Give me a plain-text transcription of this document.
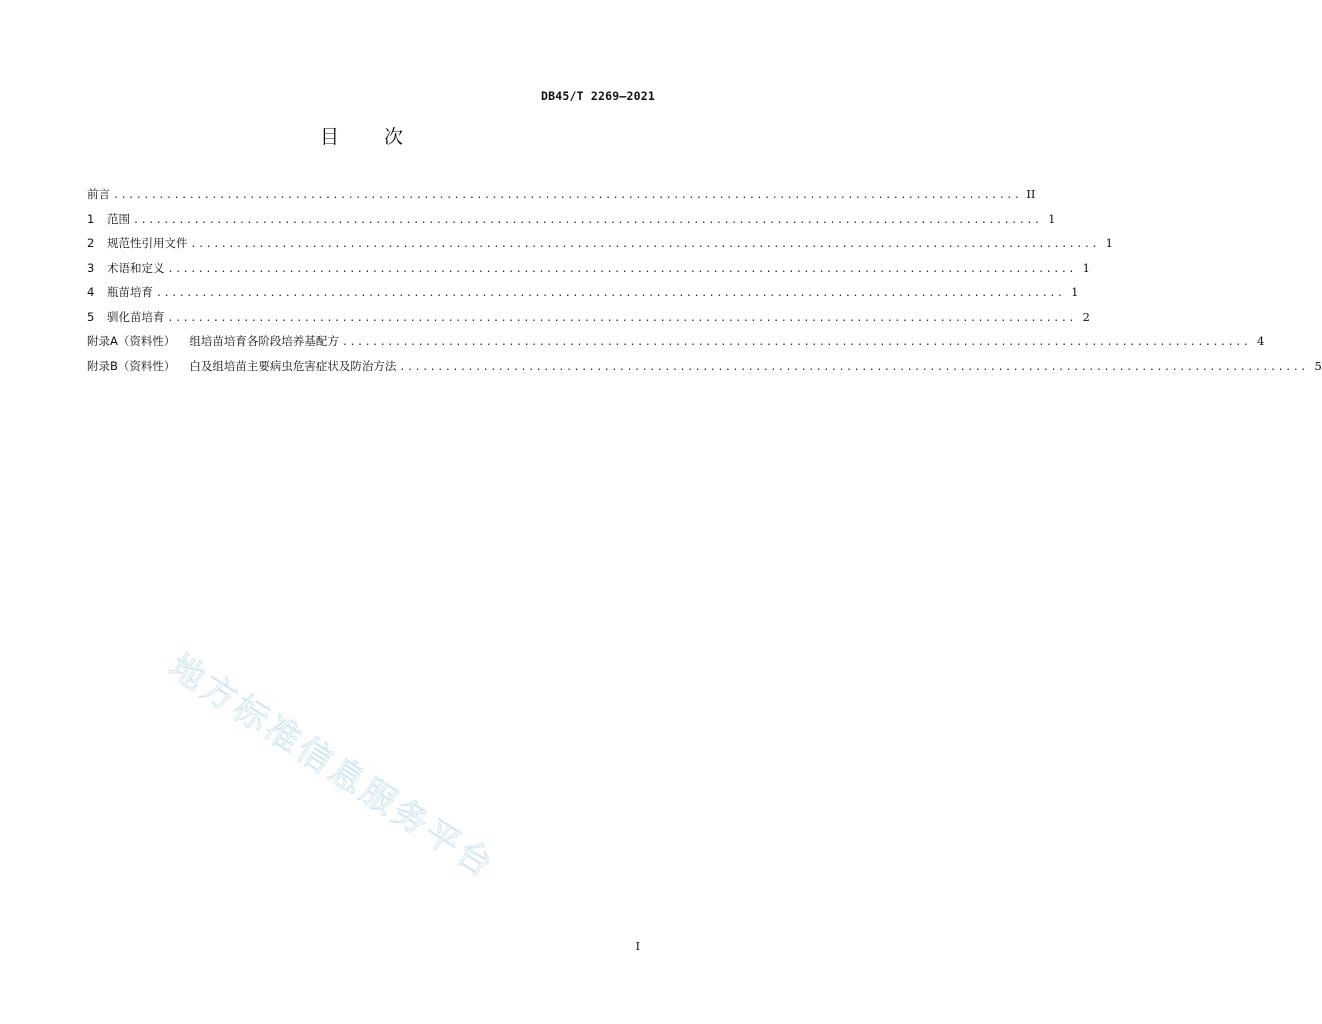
DB45/T 2269—2021
目 次
前言 ........................................................................................................................ II
1 范围 ........................................................................................................................ 1
2 规范性引用文件 ........................................................................................................................ 1
3 术语和定义 ........................................................................................................................ 1
4 瓶苗培育 ........................................................................................................................ 1
5 驯化苗培育 ........................................................................................................................ 2
附录A（资料性） 组培苗培育各阶段培养基配方 ........................................................................................................................ 4
附录B（资料性） 白及组培苗主要病虫危害症状及防治方法 ........................................................................................................................ 5
地方标准信息服务平台
I
